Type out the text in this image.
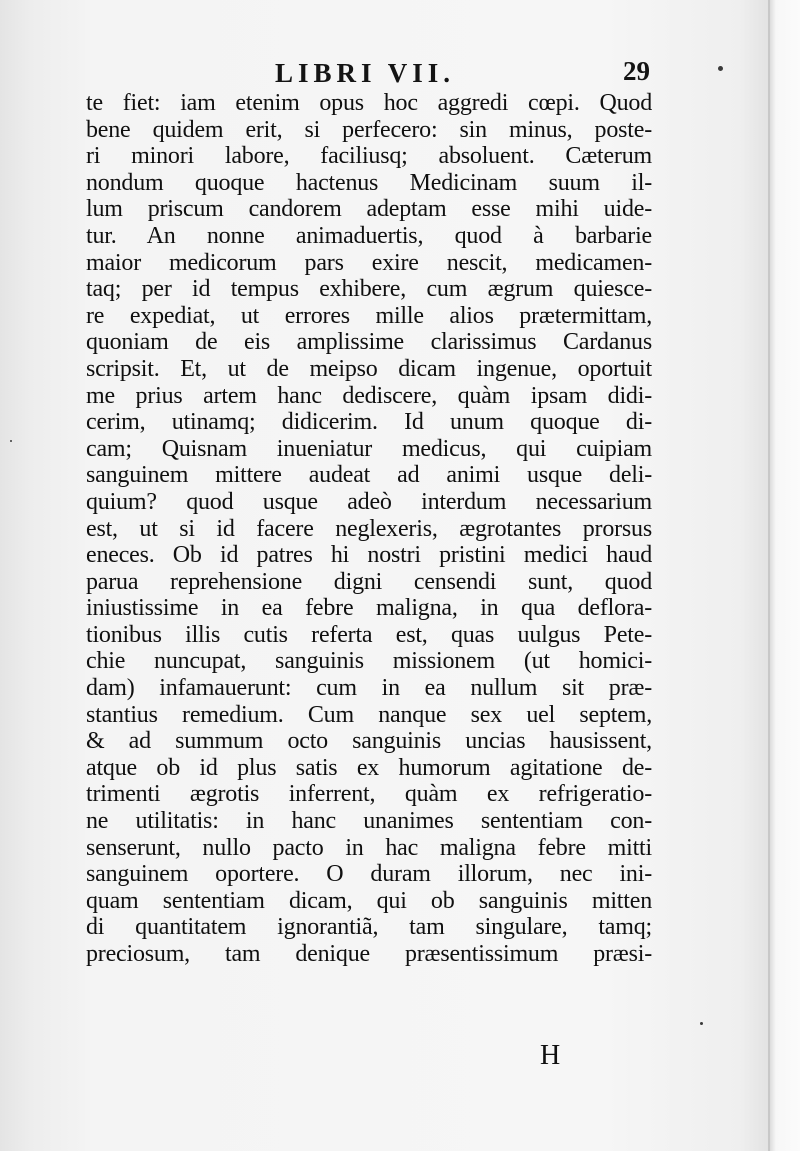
LIBRI VII.	29
te fiet: iam etenim opus hoc aggredi cœpi. Quod
bene quidem erit, si perfecero: sin minus, poste-
ri minori labore, faciliusq; absoluent. Cæterum
nondum quoque hactenus Medicinam suum il-
lum priscum candorem adeptam esse mihi uide-
tur. An nonne animaduertis, quod à barbarie
maior medicorum pars exire nescit, medicamen-
taq; per id tempus exhibere, cum ægrum quiesce-
re expediat, ut errores mille alios prætermittam,
quoniam de eis amplissime clarissimus Cardanus
scripsit. Et, ut de meipso dicam ingenue, oportuit
me prius artem hanc dediscere, quàm ipsam didi-
cerim, utinamq; didicerim. Id unum quoque di-
cam; Quisnam inueniatur medicus, qui cuipiam
sanguinem mittere audeat ad animi usque deli-
quium? quod usque adeò interdum necessarium
est, ut si id facere neglexeris, ægrotantes prorsus
eneces. Ob id patres hi nostri pristini medici haud
parua reprehensione digni censendi sunt, quod
iniustissime in ea febre maligna, in qua deflora-
tionibus illis cutis referta est, quas uulgus Pete-
chie nuncupat, sanguinis missionem (ut homici-
dam) infamauerunt: cum in ea nullum sit præ-
stantius remedium. Cum nanque sex uel septem,
& ad summum octo sanguinis uncias hausissent,
atque ob id plus satis ex humorum agitatione de-
trimenti ægrotis inferrent, quàm ex refrigeratio-
ne utilitatis: in hanc unanimes sententiam con-
senserunt, nullo pacto in hac maligna febre mitti
sanguinem oportere. O duram illorum, nec ini-
quam sententiam dicam, qui ob sanguinis mitten
di quantitatem ignorantiã, tam singulare, tamq;
preciosum, tam denique præsentissimum præsi-
H
